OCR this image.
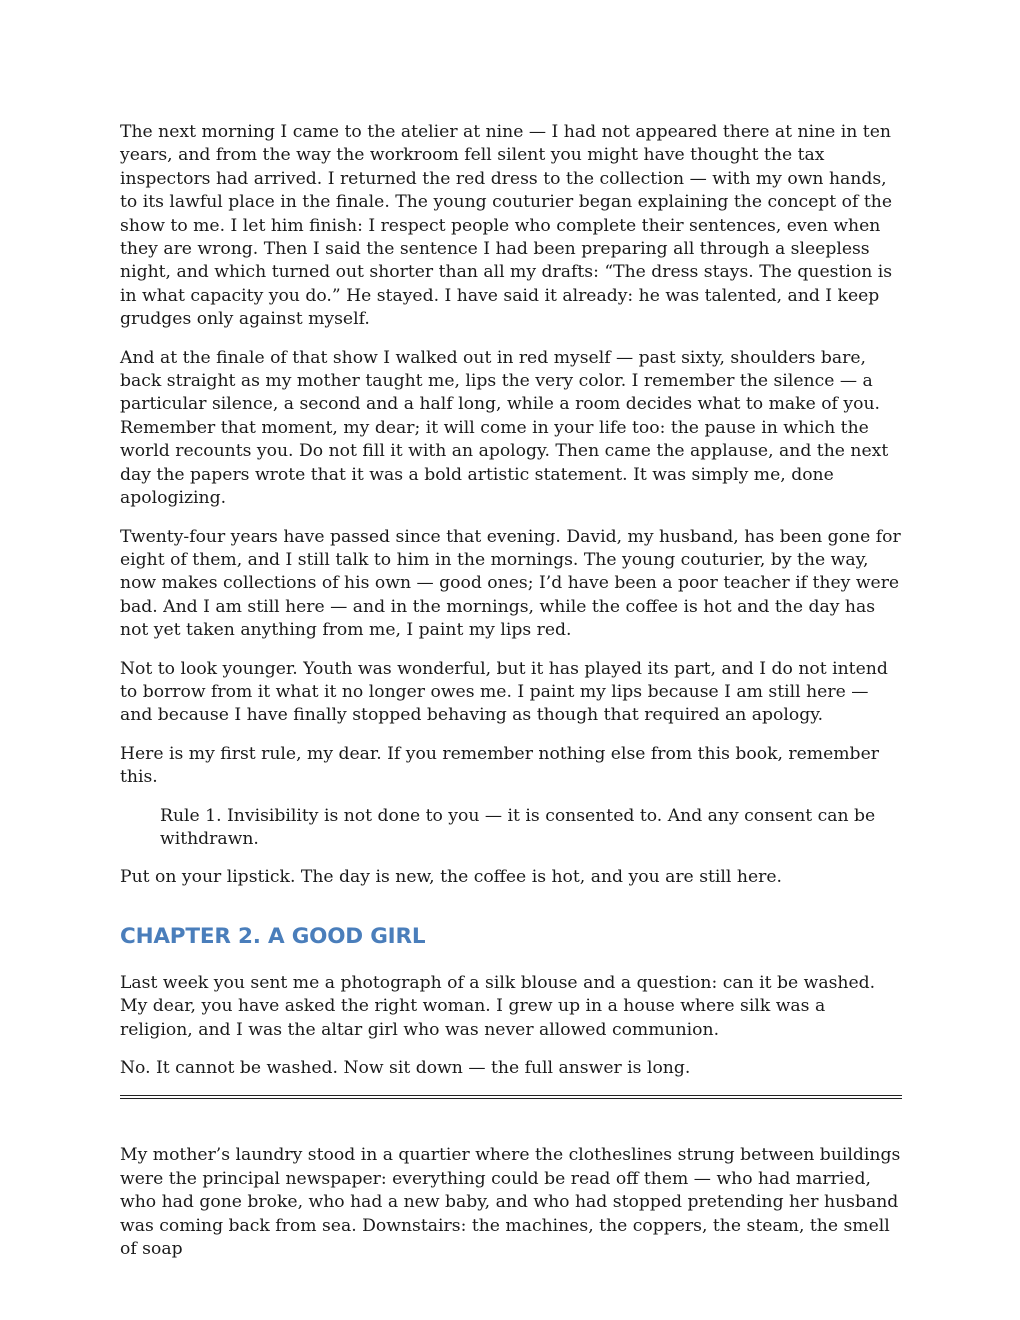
The next morning I came to the atelier at nine — I had not appeared there at nine in ten years, and from the way the workroom fell silent you might have thought the tax inspectors had arrived. I returned the red dress to the collection — with my own hands, to its lawful place in the finale. The young couturier began explaining the concept of the show to me. I let him finish: I respect people who complete their sentences, even when they are wrong. Then I said the sentence I had been preparing all through a sleepless night, and which turned out shorter than all my drafts: “The dress stays. The question is in what capacity you do.” He stayed. I have said it already: he was talented, and I keep grudges only against myself.

And at the finale of that show I walked out in red myself — past sixty, shoulders bare, back straight as my mother taught me, lips the very color. I remember the silence — a particular silence, a second and a half long, while a room decides what to make of you. Remember that moment, my dear; it will come in your life too: the pause in which the world recounts you. Do not fill it with an apology. Then came the applause, and the next day the papers wrote that it was a bold artistic statement. It was simply me, done apologizing.

Twenty-four years have passed since that evening. David, my husband, has been gone for eight of them, and I still talk to him in the mornings. The young couturier, by the way, now makes collections of his own — good ones; I’d have been a poor teacher if they were bad. And I am still here — and in the mornings, while the coffee is hot and the day has not yet taken anything from me, I paint my lips red.

Not to look younger. Youth was wonderful, but it has played its part, and I do not intend to borrow from it what it no longer owes me. I paint my lips because I am still here — and because I have finally stopped behaving as though that required an apology.

Here is my first rule, my dear. If you remember nothing else from this book, remember this.

Rule 1. Invisibility is not done to you — it is consented to. And any consent can be withdrawn.

Put on your lipstick. The day is new, the coffee is hot, and you are still here.

CHAPTER 2. A GOOD GIRL

Last week you sent me a photograph of a silk blouse and a question: can it be washed. My dear, you have asked the right woman. I grew up in a house where silk was a religion, and I was the altar girl who was never allowed communion.

No. It cannot be washed. Now sit down — the full answer is long.

My mother’s laundry stood in a quartier where the clotheslines strung between buildings were the principal newspaper: everything could be read off them — who had married, who had gone broke, who had a new baby, and who had stopped pretending her husband was coming back from sea. Downstairs: the machines, the coppers, the steam, the smell of soap
